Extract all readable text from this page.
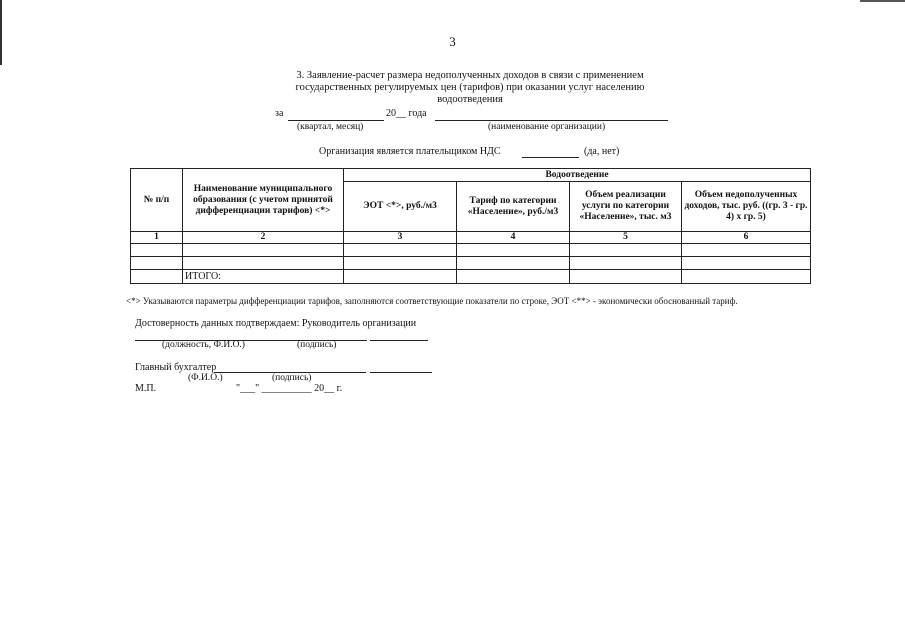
3
3. Заявление-расчет размера недополученных доходов в связи с применением
государственных регулируемых цен (тарифов) при оказании услуг населению
водоотведения
за	20__ года
(квартал, месяц)	(наименование организации)
Организация является плательщиком НДС	(да, нет)
№ п/п	Наименование муниципального образования (с учетом принятой дифференциации тарифов) <*>	Водоотведение			
		ЭОТ <*>, руб./м3	Тариф по категории «Население», руб./м3	Объем реализации услуги по категории «Население», тыс. м3	Объем недополученных доходов, тыс. руб. ((гр. 3 - гр. 4) x гр. 5)
1	2	3	4	5	6

	ИТОГО:				
<*> Указываются параметры дифференциации тарифов, заполняются соответствующие показатели по строке, ЭОТ <**> - экономически обоснованный тариф.
Достоверность данных подтверждаем: Руководитель организации
(должность, Ф.И.О.)	(подпись)
Главный бухгалтер
(Ф.И.О.)	(подпись)
М.П.	"___" __________ 20__ г.
